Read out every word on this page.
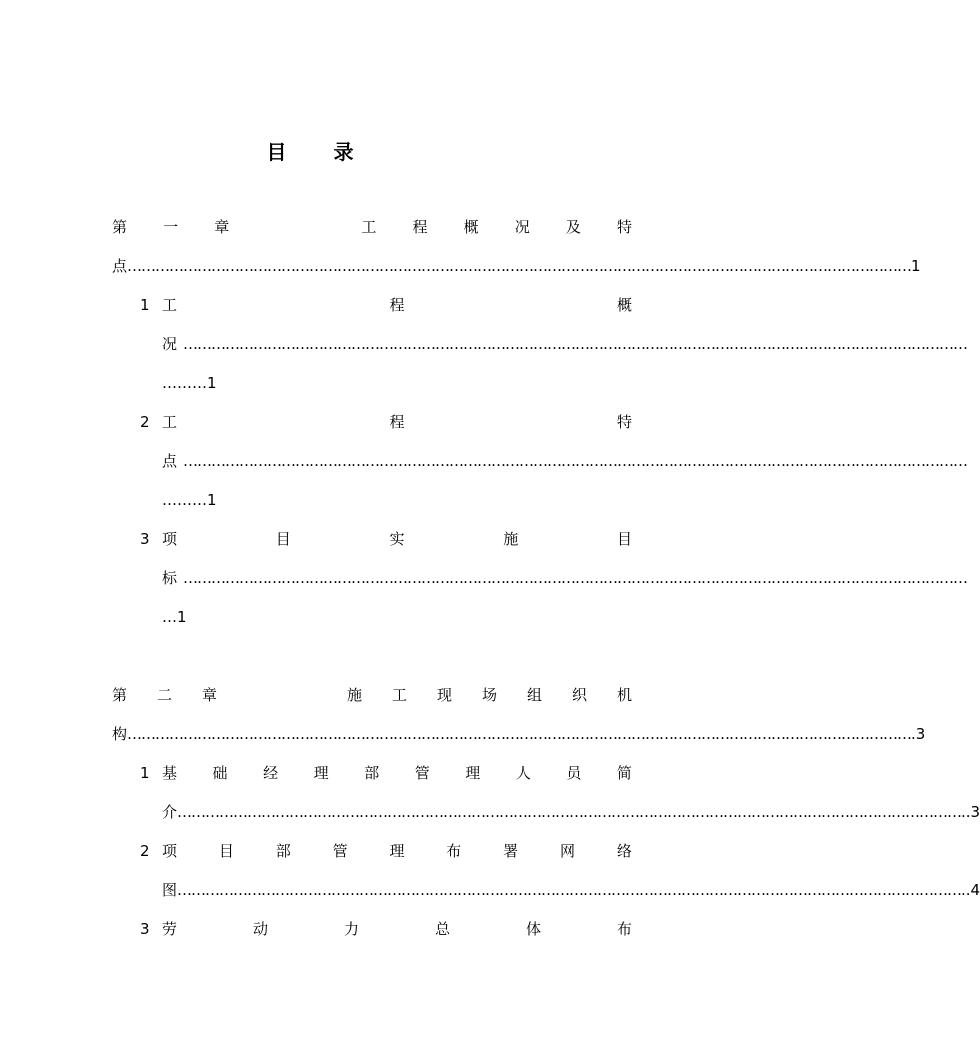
目 录
第 一 章	工 程 概 况 及 特
点 …………………………………………………………………………………………………………………………………………………… 1
1 工	程	概
况 ……………………………………………………………………………………………………………………………………………………
………1
2 工	程	特
点 ……………………………………………………………………………………………………………………………………………………
………1
3 项	目	实	施	目
标 ……………………………………………………………………………………………………………………………………………………
…1
第 二 章	施 工 现 场 组 织 机
构 …………………………………………………………………………………………………………………………………………………… .3
1 基 础 经 理 部 管 理 人 员 简
介 …………………………………………………………………………………………………………………………………………………… ..3
2 项	目	部	管	理	布	署	网	络
图 …………………………………………………………………………………………………………………………………………………… ..4
3 劳	动	力	总	体	布
